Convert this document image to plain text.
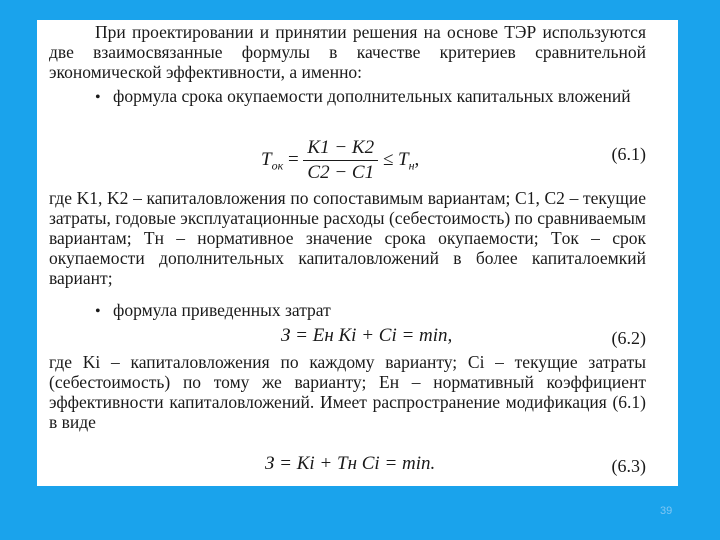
При проектировании и принятии решения на основе ТЭР используются две взаимосвязанные формулы в качестве критериев сравнительной экономической эффективности, а именно:

• формула срока окупаемости дополнительных капитальных вложений
$T_{ок} = \frac{K1 - K2}{C2 - C1} \le T_н$,	(6.1)

где K1, K2 – капиталовложения по сопоставимым вариантам; C1, C2 – текущие затраты, годовые эксплуатационные расходы (себестоимость) по сравниваемым вариантам; Tн – нормативное значение срока окупаемости; Tок – срок окупаемости дополнительных капиталовложений в более капиталоемкий вариант;

• формула приведенных затрат
З = Eн Ki + Ci = min,	(6.2)

где Ki – капиталовложения по каждому варианту; Ci – текущие затраты (себестоимость) по тому же варианту; Eн – нормативный коэффициент эффективности капиталовложений. Имеет распространение модификация (6.1) в виде

З = Ki + Tн Ci = min.	(6.3)
39
